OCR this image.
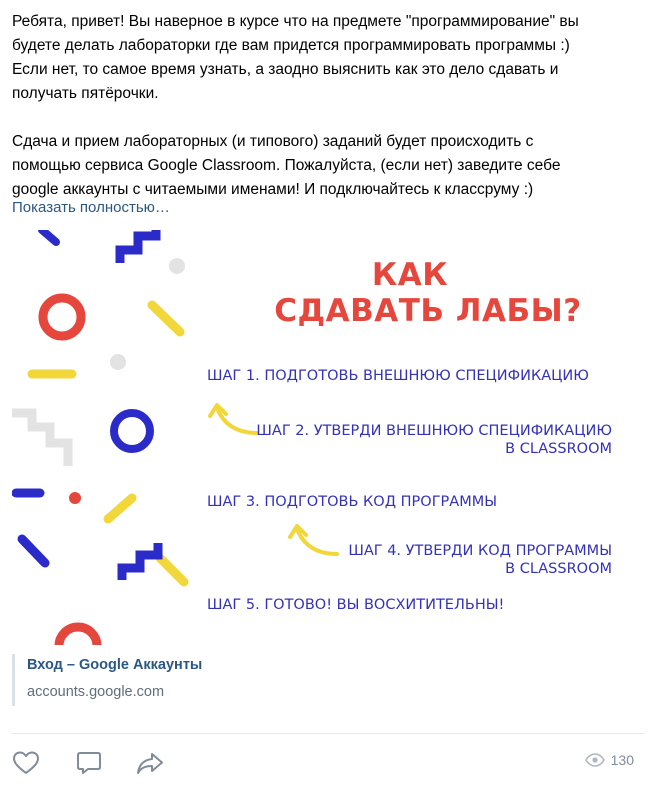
Ребята, привет! Вы наверное в курсе что на предмете "программирование" вы
будете делать лабораторки где вам придется программировать программы :)
Если нет, то самое время узнать, а заодно выяснить как это дело сдавать и
получать пятёрочки.
Сдача и прием лабораторных (и типового) заданий будет происходить с
помощью сервиса Google Classroom. Пожалуйста, (если нет) заведите себе
google аккаунты с читаемыми именами! И подключайтесь к классруму :)
Показать полностью…
КАК
СДАВАТЬ ЛАБЫ?
ШАГ 1. ПОДГОТОВЬ ВНЕШНЮЮ СПЕЦИФИКАЦИЮ
ШАГ 2. УТВЕРДИ ВНЕШНЮЮ СПЕЦИФИКАЦИЮ
В CLASSROOM
ШАГ 3. ПОДГОТОВЬ КОД ПРОГРАММЫ
ШАГ 4. УТВЕРДИ КОД ПРОГРАММЫ
В CLASSROOM
ШАГ 5. ГОТОВО! ВЫ ВОСХИТИТЕЛЬНЫ!
Вход – Google Аккаунты
accounts.google.com
130
